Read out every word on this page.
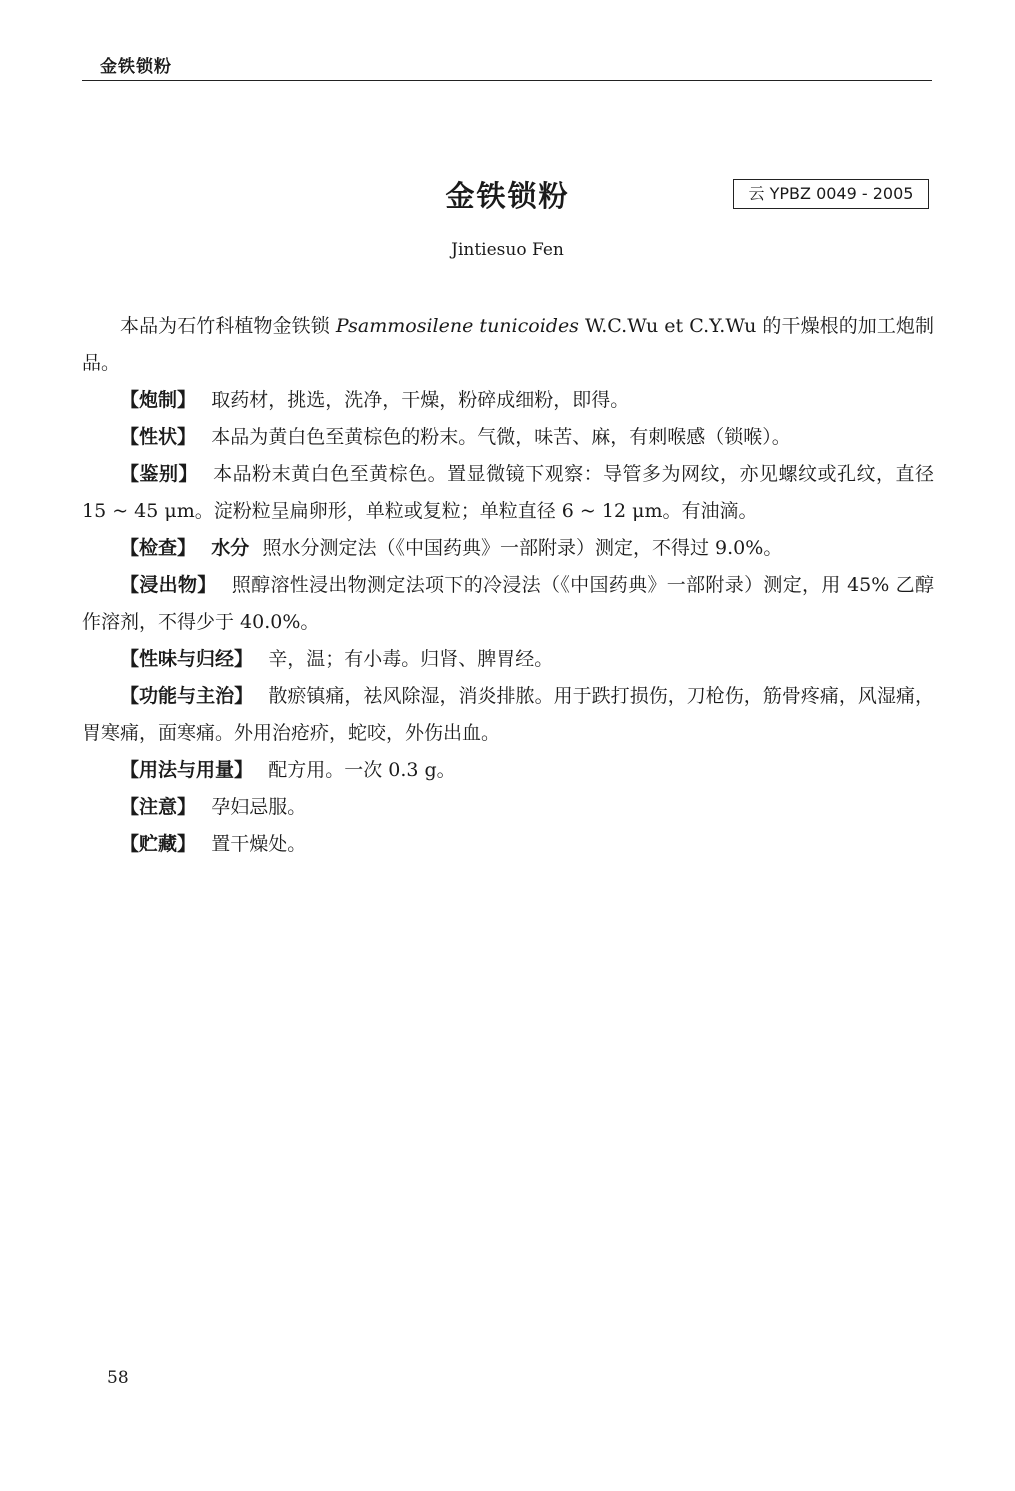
金铁锁粉
金铁锁粉	云 YPBZ 0049 - 2005
Jintiesuo Fen

本品为石竹科植物金铁锁 Psammosilene tunicoides W.C.Wu et C.Y.Wu 的干燥根的加工炮制品。

【炮制】 取药材，挑选，洗净，干燥，粉碎成细粉，即得。

【性状】 本品为黄白色至黄棕色的粉末。气微，味苦、麻，有刺喉感（锁喉）。

【鉴别】 本品粉末黄白色至黄棕色。置显微镜下观察：导管多为网纹，亦见螺纹或孔纹，直径 15 ~ 45 μm。淀粉粒呈扁卵形，单粒或复粒；单粒直径 6 ~ 12 μm。有油滴。

【检查】 水分 照水分测定法（《中国药典》一部附录）测定，不得过 9.0%。

【浸出物】 照醇溶性浸出物测定法项下的冷浸法（《中国药典》一部附录）测定，用 45% 乙醇作溶剂，不得少于 40.0%。

【性味与归经】 辛，温；有小毒。归肾、脾胃经。

【功能与主治】 散瘀镇痛，祛风除湿，消炎排脓。用于跌打损伤，刀枪伤，筋骨疼痛，风湿痛，胃寒痛，面寒痛。外用治疮疥，蛇咬，外伤出血。

【用法与用量】 配方用。一次 0.3 g。

【注意】 孕妇忌服。

【贮藏】 置干燥处。

58
